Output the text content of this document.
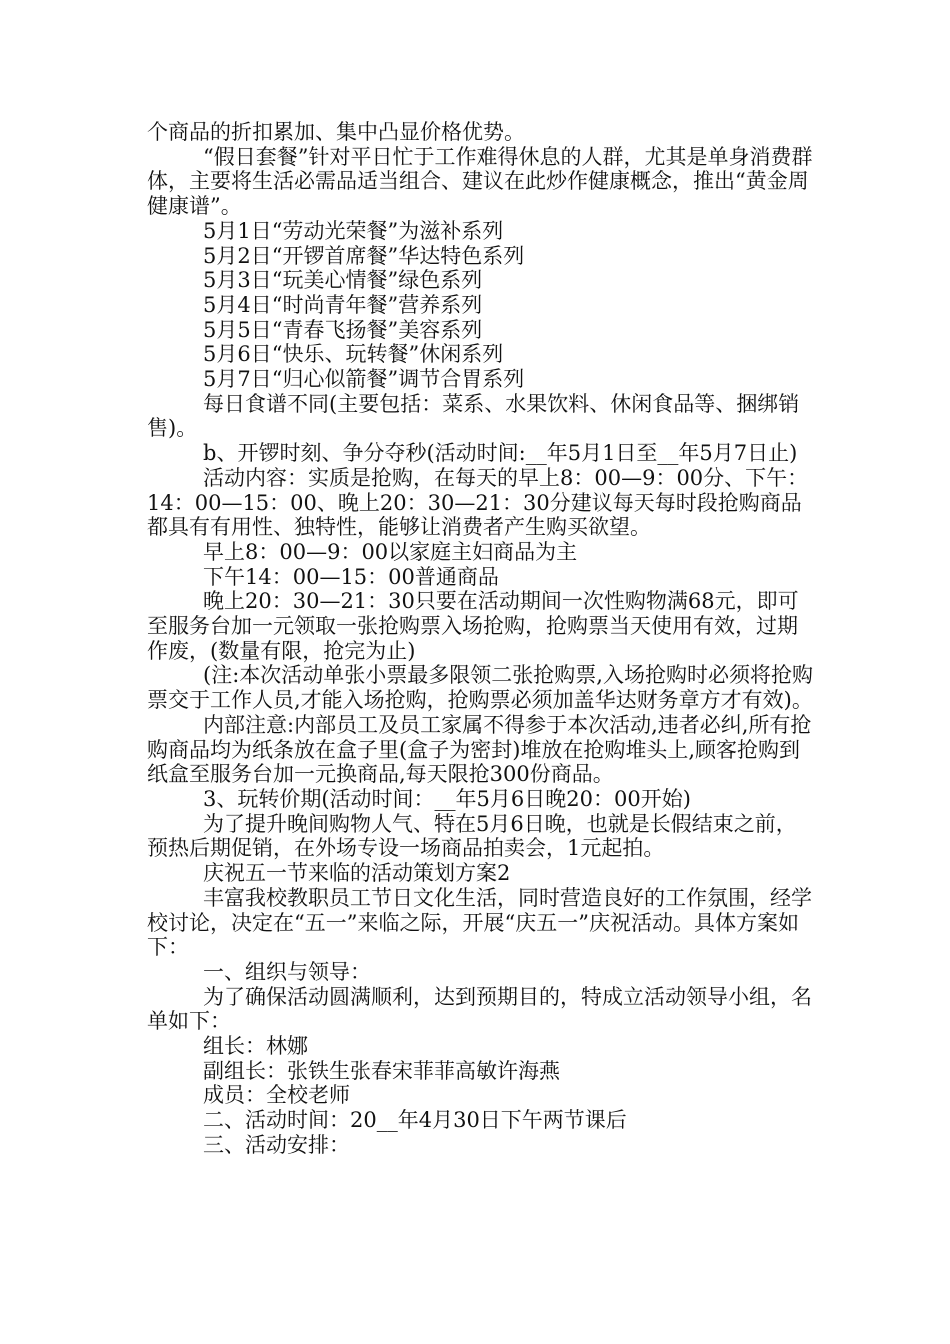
个商品的折扣累加、集中凸显价格优势。

“假日套餐”针对平日忙于工作难得休息的人群，尤其是单身消费群体，主要将生活必需品适当组合、建议在此炒作健康概念，推出“黄金周健康谱”。

5月1日“劳动光荣餐”为滋补系列

5月2日“开锣首席餐”华达特色系列

5月3日“玩美心情餐”绿色系列

5月4日“时尚青年餐”营养系列

5月5日“青春飞扬餐”美容系列

5月6日“快乐、玩转餐”休闲系列

5月7日“归心似箭餐”调节合胃系列

每日食谱不同(主要包括：菜系、水果饮料、休闲食品等、捆绑销售)。

b、开锣时刻、争分夺秒(活动时间:__年5月1日至__年5月7日止)

活动内容：实质是抢购，在每天的早上8：00—9：00分、下午：14：00—15：00、晚上20：30—21：30分建议每天每时段抢购商品都具有有用性、独特性，能够让消费者产生购买欲望。

早上8：00—9：00以家庭主妇商品为主

下午14：00—15：00普通商品

晚上20：30—21：30只要在活动期间一次性购物满68元，即可至服务台加一元领取一张抢购票入场抢购，抢购票当天使用有效，过期作废，(数量有限，抢完为止)

(注:本次活动单张小票最多限领二张抢购票,入场抢购时必须将抢购票交于工作人员,才能入场抢购，抢购票必须加盖华达财务章方才有效)。

内部注意:内部员工及员工家属不得参于本次活动,违者必纠,所有抢购商品均为纸条放在盒子里(盒子为密封)堆放在抢购堆头上,顾客抢购到纸盒至服务台加一元换商品,每天限抢300份商品。

3、玩转价期(活动时间：__年5月6日晚20：00开始)

为了提升晚间购物人气、特在5月6日晚，也就是长假结束之前，预热后期促销，在外场专设一场商品拍卖会，1元起拍。

庆祝五一节来临的活动策划方案2

丰富我校教职员工节日文化生活，同时营造良好的工作氛围，经学校讨论，决定在“五一”来临之际，开展“庆五一”庆祝活动。具体方案如下：

一、组织与领导：

为了确保活动圆满顺利，达到预期目的，特成立活动领导小组，名单如下：

组长：林娜

副组长：张铁生张春宋菲菲高敏许海燕

成员：全校老师

二、活动时间：20__年4月30日下午两节课后

三、活动安排：
